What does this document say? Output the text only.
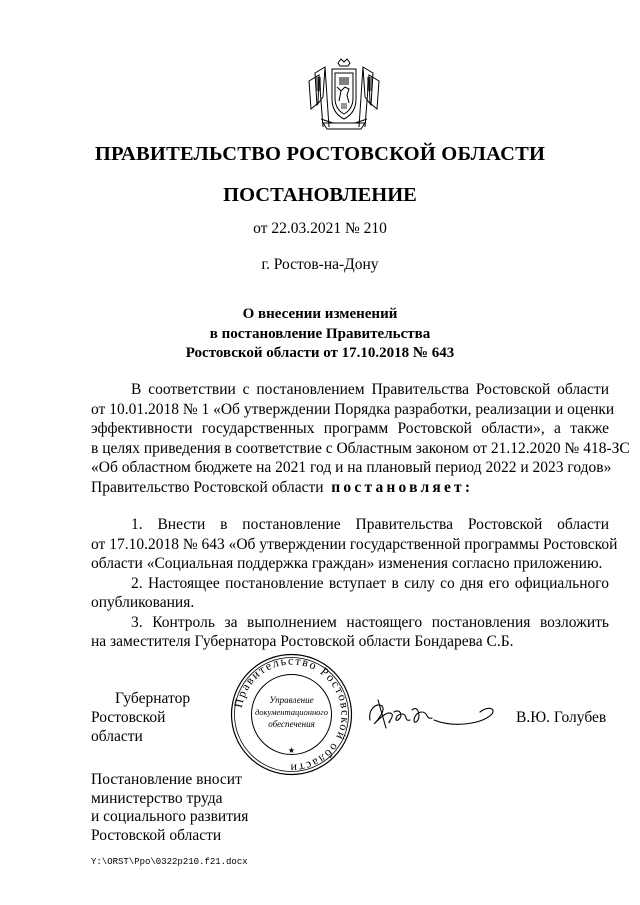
ПРАВИТЕЛЬСТВО РОСТОВСКОЙ ОБЛАСТИ
ПОСТАНОВЛЕНИЕ
от 22.03.2021 № 210
г. Ростов-на-Дону
О внесении изменений
в постановление Правительства
Ростовской области от 17.10.2018 № 643
В соответствии с постановлением Правительства Ростовской области
от 10.01.2018 № 1 «Об утверждении Порядка разработки, реализации и оценки
эффективности государственных программ Ростовской области», а также
в целях приведения в соответствие с Областным законом от 21.12.2020 № 418-ЗС
«Об областном бюджете на 2021 год и на плановый период 2022 и 2023 годов»
Правительство Ростовской области постановляет:
1. Внести в постановление Правительства Ростовской области
от 17.10.2018 № 643 «Об утверждении государственной программы Ростовской
области «Социальная поддержка граждан» изменения согласно приложению.
2. Настоящее постановление вступает в силу со дня его официального
опубликования.
3. Контроль за выполнением настоящего постановления возложить
на заместителя Губернатора Ростовской области Бондарева С.Б.
Губернатор
Ростовской области
В.Ю. Голубев
Правительство Ростовской области
★
Управление
документационного
обеспечения
Постановление вносит
министерство труда
и социального развития
Ростовской области
Y:\ORST\Ppo\0322p210.f21.docx
